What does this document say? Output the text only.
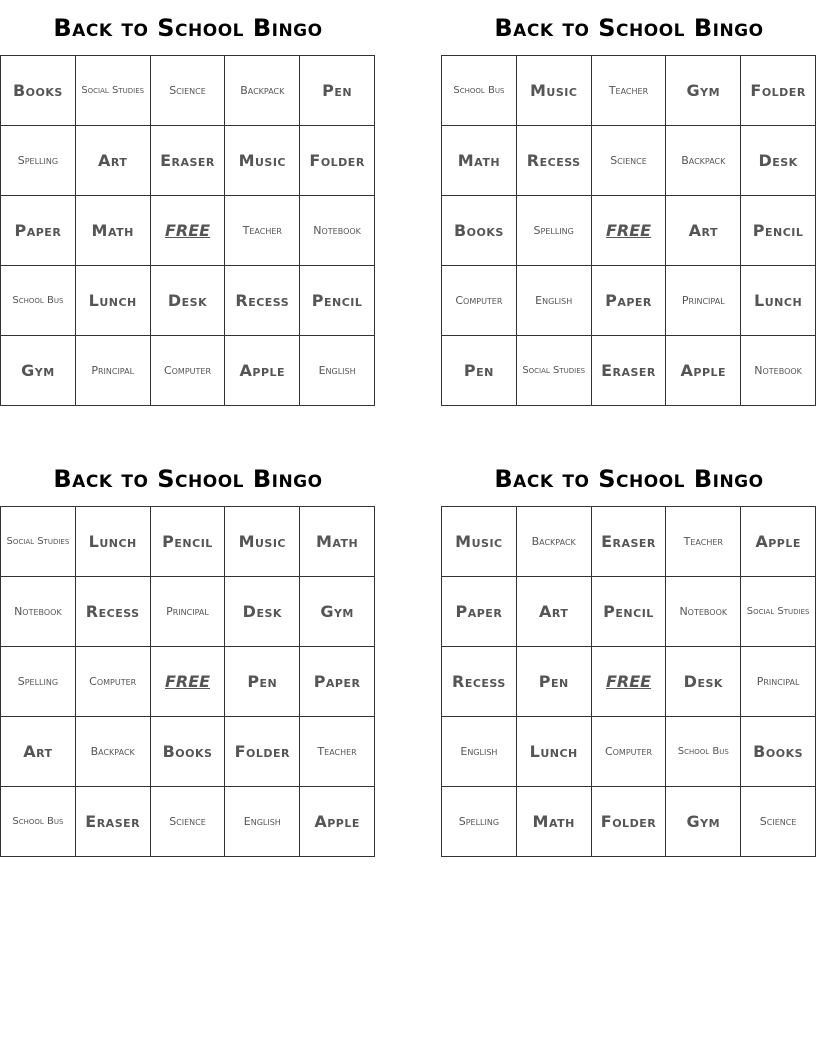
Back to School Bingo
Books	Social Studies	Science	Backpack	Pen
Spelling	Art	Eraser	Music	Folder
Paper	Math	FREE	Teacher	Notebook
School Bus	Lunch	Desk	Recess	Pencil
Gym	Principal	Computer	Apple	English
Back to School Bingo
School Bus	Music	Teacher	Gym	Folder
Math	Recess	Science	Backpack	Desk
Books	Spelling	FREE	Art	Pencil
Computer	English	Paper	Principal	Lunch
Pen	Social Studies	Eraser	Apple	Notebook
Back to School Bingo
Social Studies	Lunch	Pencil	Music	Math
Notebook	Recess	Principal	Desk	Gym
Spelling	Computer	FREE	Pen	Paper
Art	Backpack	Books	Folder	Teacher
School Bus	Eraser	Science	English	Apple
Back to School Bingo
Music	Backpack	Eraser	Teacher	Apple
Paper	Art	Pencil	Notebook	Social Studies
Recess	Pen	FREE	Desk	Principal
English	Lunch	Computer	School Bus	Books
Spelling	Math	Folder	Gym	Science
